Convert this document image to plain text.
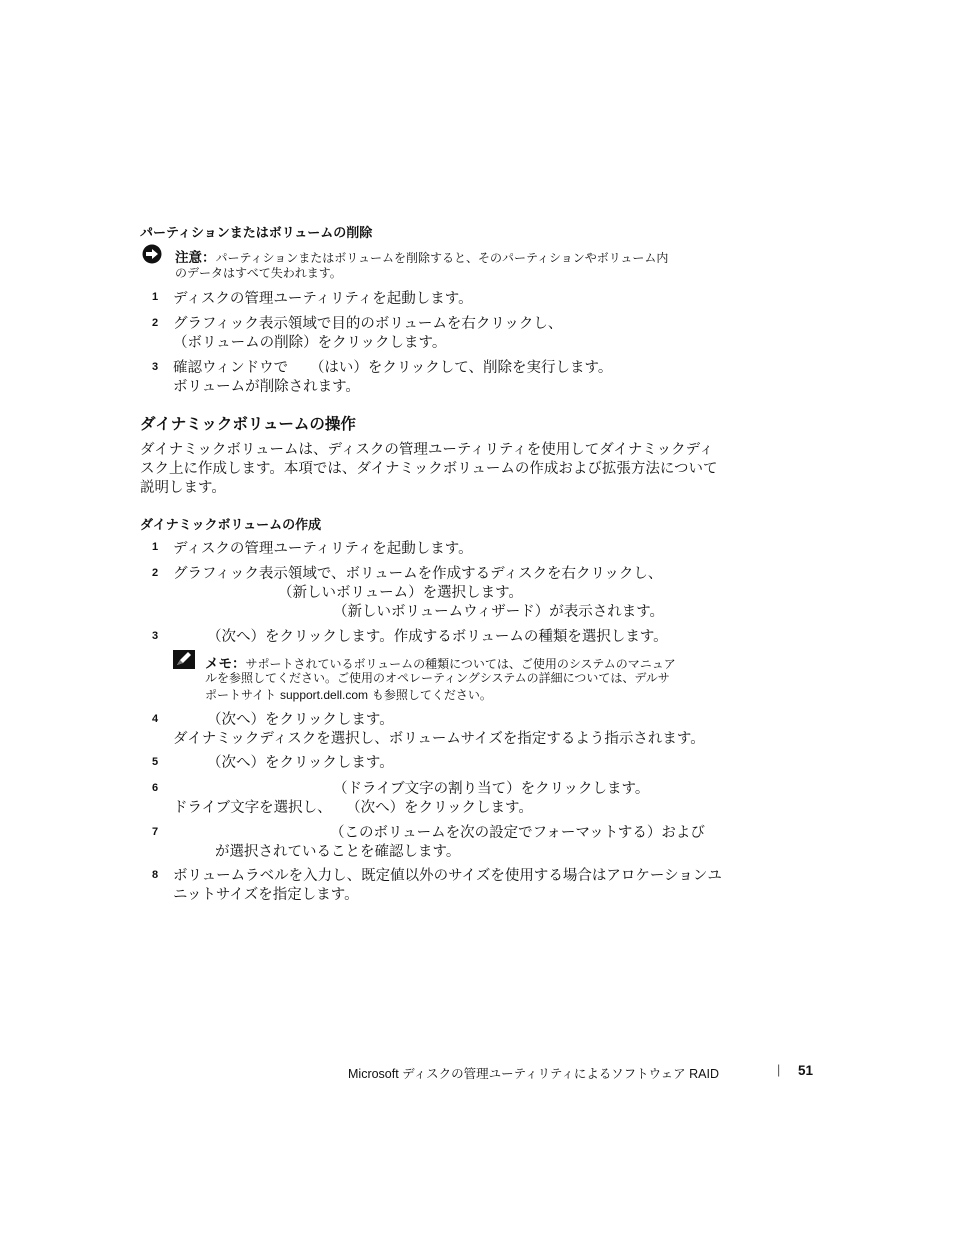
パーティションまたはボリュームの削除
注意：パーティションまたはボリュームを削除すると、そのパーティションやボリューム内
のデータはすべて失われます。
1 ディスクの管理ユーティリティを起動します。
2 グラフィック表示領域で目的のボリュームを右クリックし、
（ボリュームの削除）をクリックします。
3 確認ウィンドウで　　（はい）をクリックして、削除を実行します。
ボリュームが削除されます。
ダイナミックボリュームの操作
ダイナミックボリュームは、ディスクの管理ユーティリティを使用してダイナミックディ
スク上に作成します。本項では、ダイナミックボリュームの作成および拡張方法について
説明します。
ダイナミックボリュームの作成
1 ディスクの管理ユーティリティを起動します。
2 グラフィック表示領域で、ボリュームを作成するディスクを右クリックし、
（新しいボリューム）を選択します。
（新しいボリュームウィザード）が表示されます。
3	（次へ）をクリックします。作成するボリュームの種類を選択します。
メモ：サポートされているボリュームの種類については、ご使用のシステムのマニュア
ルを参照してください。ご使用のオペレーティングシステムの詳細については、デルサ
ポートサイト support.dell.com も参照してください。
4	（次へ）をクリックします。
ダイナミックディスクを選択し、ボリュームサイズを指定するよう指示されます。
5	（次へ）をクリックします。
6	（ドライブ文字の割り当て）をクリックします。
ドライブ文字を選択し、　　（次へ）をクリックします。
7	（このボリュームを次の設定でフォーマットする）および
が選択されていることを確認します。
8 ボリュームラベルを入力し、既定値以外のサイズを使用する場合はアロケーションユ
ニットサイズを指定します。
Microsoft ディスクの管理ユーティリティによるソフトウェア RAID	| 51
